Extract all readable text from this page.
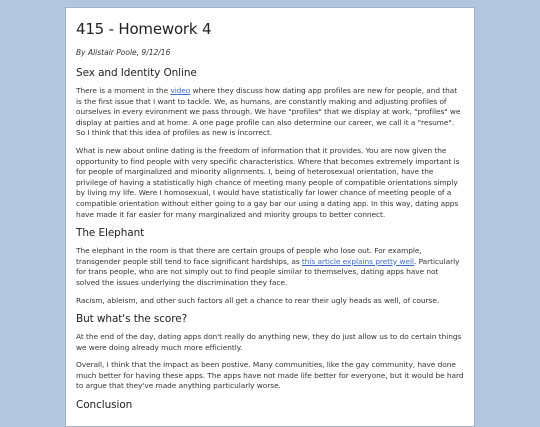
415 - Homework 4
By Alistair Poole, 9/12/16
Sex and Identity Online

There is a moment in the video where they discuss how dating app profiles are new for people, and that is the first issue that I want to tackle. We, as humans, are constantly making and adjusting profiles of ourselves in every evironment we pass through. We have "profiles" that we display at work, "profiles" we display at parties and at home. A one page profile can also determine our career, we call it a "resume". So I think that this idea of profiles as new is incorrect.

What is new about online dating is the freedom of information that it provides. You are now given the opportunity to find people with very specific characteristics. Where that becomes extremely important is for people of marginalized and minority alignments. I, being of heterosexual orientation, have the privilege of having a statistically high chance of meeting many people of compatible orientations simply by living my life. Were I homosexual, I would have statistically far lower chance of meeting people of a compatible orientation without either going to a gay bar our using a dating app. In this way, dating apps have made it far easier for many marginalized and miority groups to better connect.

The Elephant

The elephant in the room is that there are certain groups of people who lose out. For example, transgender people still tend to face significant hardships, as this article explains pretty well. Particularly for trans people, who are not simply out to find people similar to themselves, dating apps have not solved the issues underlying the discrimination they face.

Racism, ableism, and other such factors all get a chance to rear their ugly heads as well, of course.

But what's the score?

At the end of the day, dating apps don't really do anything new, they do just allow us to do certain things we were doing already much more efficiently.

Overall, I think that the impact as been postive. Many communities, like the gay community, have done much better for having these apps. The apps have not made life better for everyone, but it would be hard to argue that they've made anything particularly worse.

Conclusion
